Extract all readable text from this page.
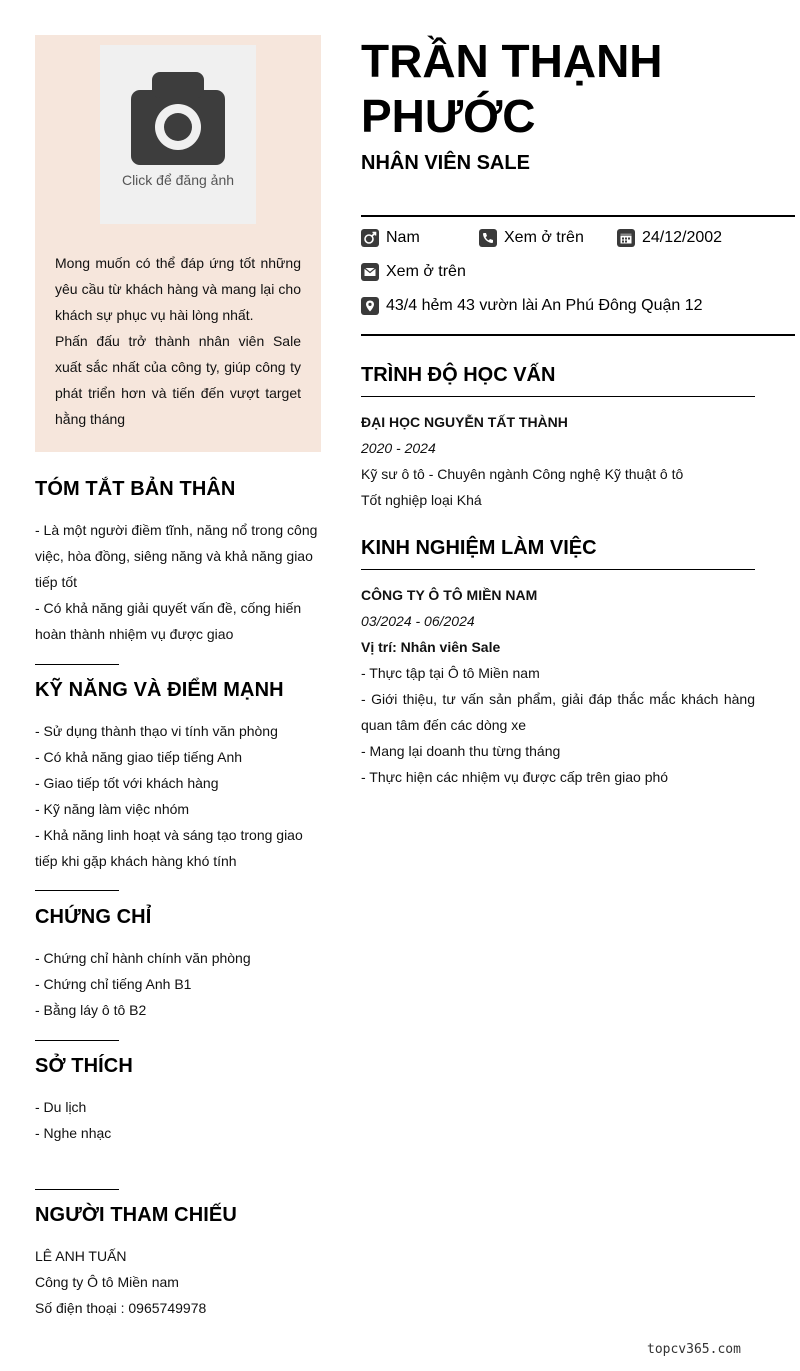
Click để đăng ảnh

Mong muốn có thể đáp ứng tốt những yêu cầu từ khách hàng và mang lại cho khách sự phục vụ hài lòng nhất.

Phấn đấu trở thành nhân viên Sale xuất sắc nhất của công ty, giúp công ty phát triển hơn và tiến đến vượt target hằng tháng

TÓM TẮT BẢN THÂN
- Là một người điềm tĩnh, năng nổ trong công việc, hòa đồng, siêng năng và khả năng giao tiếp tốt
- Có khả năng giải quyết vấn đề, cống hiến hoàn thành nhiệm vụ được giao
KỸ NĂNG VÀ ĐIỂM MẠNH
- Sử dụng thành thạo vi tính văn phòng
- Có khả năng giao tiếp tiếng Anh
- Giao tiếp tốt với khách hàng
- Kỹ năng làm việc nhóm
- Khả năng linh hoạt và sáng tạo trong giao tiếp khi gặp khách hàng khó tính
CHỨNG CHỈ
- Chứng chỉ hành chính văn phòng
- Chứng chỉ tiếng Anh B1
- Bằng láy ô tô B2
SỞ THÍCH
- Du lịch
- Nghe nhạc
NGƯỜI THAM CHIẾU
LÊ ANH TUẤN
Công ty Ô tô Miền nam
Số điện thoại : 0965749978
TRẦN THẠNH
PHƯỚC
NHÂN VIÊN SALE
Nam	Xem ở trên	24/12/2002
Xem ở trên
43/4 hẻm 43 vườn lài An Phú Đông Quận 12
TRÌNH ĐỘ HỌC VẤN
ĐẠI HỌC NGUYỄN TẤT THÀNH
2020 - 2024
Kỹ sư ô tô - Chuyên ngành Công nghệ Kỹ thuật ô tô
Tốt nghiệp loại Khá
KINH NGHIỆM LÀM VIỆC
CÔNG TY Ô TÔ MIỀN NAM
03/2024 - 06/2024
Vị trí: Nhân viên Sale
- Thực tập tại Ô tô Miền nam
- Giới thiệu, tư vấn sản phẩm, giải đáp thắc mắc khách hàng quan tâm đến các dòng xe
- Mang lại doanh thu từng tháng
- Thực hiện các nhiệm vụ được cấp trên giao phó
topcv365.com
